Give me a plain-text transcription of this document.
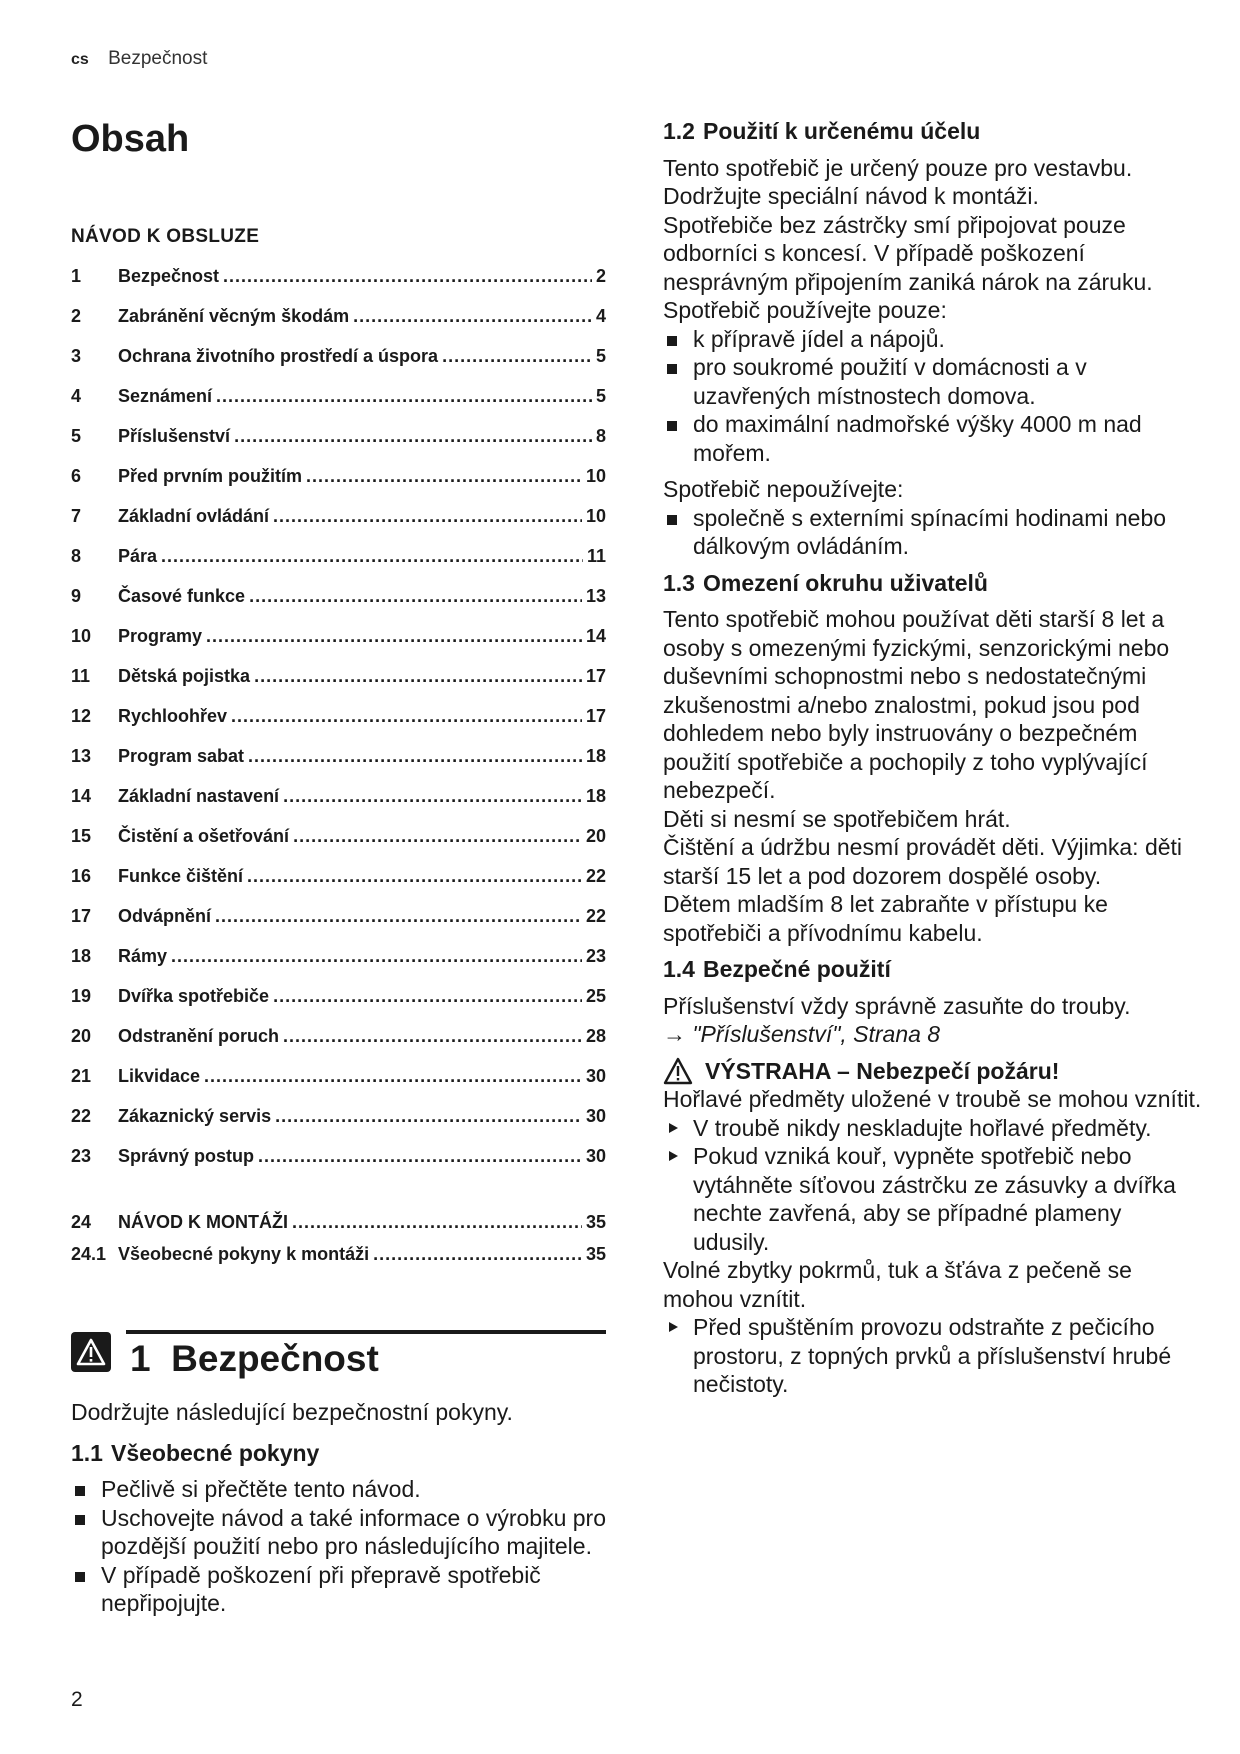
cs Bezpečnost
Obsah
NÁVOD K OBSLUZE
1	Bezpečnost .....	2
2	Zabránění věcným škodám .....	4
3	Ochrana životního prostředí a úspora .....	5
4	Seznámení .....	5
5	Příslušenství .....	8
6	Před prvním použitím .....	10
7	Základní ovládání .....	10
8	Pára .....	11
9	Časové funkce .....	13
10	Programy .....	14
11	Dětská pojistka .....	17
12	Rychloohřev .....	17
13	Program sabat .....	18
14	Základní nastavení .....	18
15	Čistění a ošetřování .....	20
16	Funkce čištění .....	22
17	Odvápnění .....	22
18	Rámy .....	23
19	Dvířka spotřebiče .....	25
20	Odstranění poruch .....	28
21	Likvidace .....	30
22	Zákaznický servis .....	30
23	Správný postup .....	30
24	NÁVOD K MONTÁŽI .....	35
24.1 Všeobecné pokyny k montáži .....	35
1 Bezpečnost

Dodržujte následující bezpečnostní pokyny.

1.1 Všeobecné pokyny

Pečlivě si přečtěte tento návod.
Uschovejte návod a také informace o výrobku pro pozdější použití nebo pro následujícího majitele.
V případě poškození při přepravě spotřebič nepřipojujte.

1.2 Použití k určenému účelu

Tento spotřebič je určený pouze pro vestavbu. Dodržujte speciální návod k montáži.

Spotřebiče bez zástrčky smí připojovat pouze odborníci s koncesí. V případě poškození nesprávným připojením zaniká nárok na záruku.

Spotřebič používejte pouze:

k přípravě jídel a nápojů.
pro soukromé použití v domácnosti a v uzavřených místnostech domova.
do maximální nadmořské výšky 4000 m nad mořem.

Spotřebič nepoužívejte:

společně s externími spínacími hodinami nebo dálkovým ovládáním.

1.3 Omezení okruhu uživatelů

Tento spotřebič mohou používat děti starší 8 let a osoby s omezenými fyzickými, senzorickými nebo duševními schopnostmi nebo s nedostatečnými zkušenostmi a/nebo znalostmi, pokud jsou pod dohledem nebo byly instruovány o bezpečném použití spotřebiče a pochopily z toho vyplývající nebezpečí.

Děti si nesmí se spotřebičem hrát.

Čištění a údržbu nesmí provádět děti. Výjimka: děti starší 15 let a pod dozorem dospělé osoby.

Dětem mladším 8 let zabraňte v přístupu ke spotřebiči a přívodnímu kabelu.

1.4 Bezpečné použití

Příslušenství vždy správně zasuňte do trouby.

→ "Příslušenství", Strana 8

VÝSTRAHA – Nebezpečí požáru!

Hořlavé předměty uložené v troubě se mohou vznítit.

V troubě nikdy neskladujte hořlavé předměty.
Pokud vzniká kouř, vypněte spotřebič nebo vytáhněte síťovou zástrčku ze zásuvky a dvířka nechte zavřená, aby se případné plameny udusily.

Volné zbytky pokrmů, tuk a šťáva z pečeně se mohou vznítit.

Před spuštěním provozu odstraňte z pečicího prostoru, z topných prvků a příslušenství hrubé nečistoty.
2
